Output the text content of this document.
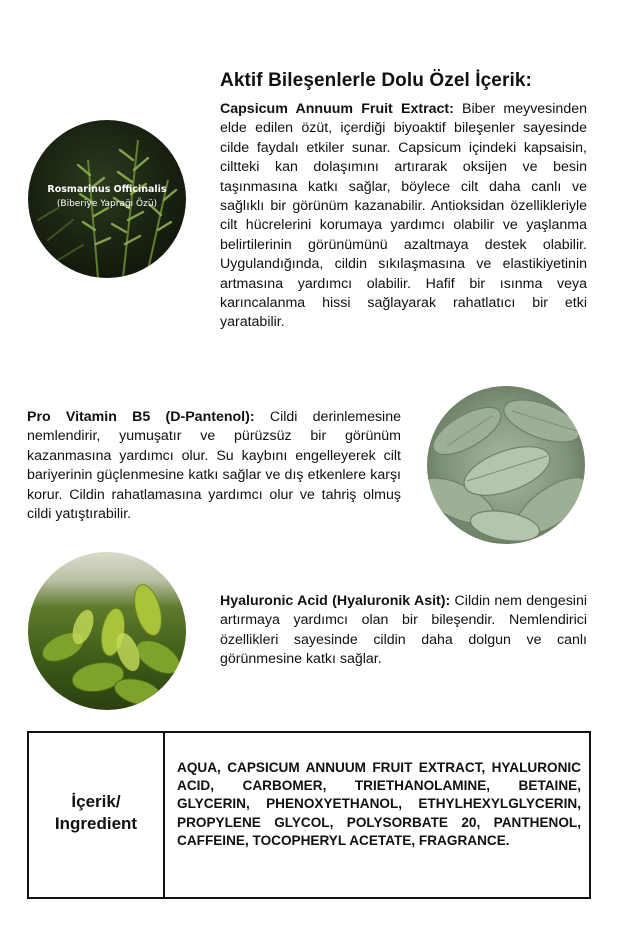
Aktif Bileşenlerle Dolu Özel İçerik:

Capsicum Annuum Fruit Extract: Biber meyvesinden elde edilen özüt, içerdiği biyoaktif bileşenler sayesinde cilde faydalı etkiler sunar. Capsicum içindeki kapsaisin, ciltteki kan dolaşımını artırarak oksijen ve besin taşınmasına katkı sağlar, böylece cilt daha canlı ve sağlıklı bir görünüm kazanabilir. Antioksidan özellikleriyle cilt hücrelerini korumaya yardımcı olabilir ve yaşlanma belirtilerinin görünümünü azaltmaya destek olabilir. Uygulandığında, cildin sıkılaşmasına ve elastikiyetinin artmasına yardımcı olabilir. Hafif bir ısınma veya karıncalanma hissi sağlayarak rahatlatıcı bir etki yaratabilir.

Rosmarinus Officinalis
(Biberiye Yaprağı Özü)

Pro Vitamin B5 (D-Pantenol): Cildi derinlemesine nemlendirir, yumuşatır ve pürüzsüz bir görünüm kazanmasına yardımcı olur. Su kaybını engelleyerek cilt bariyerinin güçlenmesine katkı sağlar ve dış etkenlere karşı korur. Cildin rahatlamasına yardımcı olur ve tahriş olmuş cildi yatıştırabilir.

Hyaluronic Acid (Hyaluronik Asit): Cildin nem dengesini artırmaya yardımcı olan bir bileşendir. Nemlendirici özellikleri sayesinde cildin daha dolgun ve canlı görünmesine katkı sağlar.

İçerik/
Ingredient

AQUA, CAPSICUM ANNUUM FRUIT EXTRACT, HYALURONIC ACID, CARBOMER, TRIETHANOLAMINE, BETAINE, GLYCERIN, PHENOXYETHANOL, ETHYLHEXYLGLYCERIN, PROPYLENE GLYCOL, POLYSORBATE 20, PANTHENOL, CAFFEINE, TOCOPHERYL ACETATE, FRAGRANCE.
